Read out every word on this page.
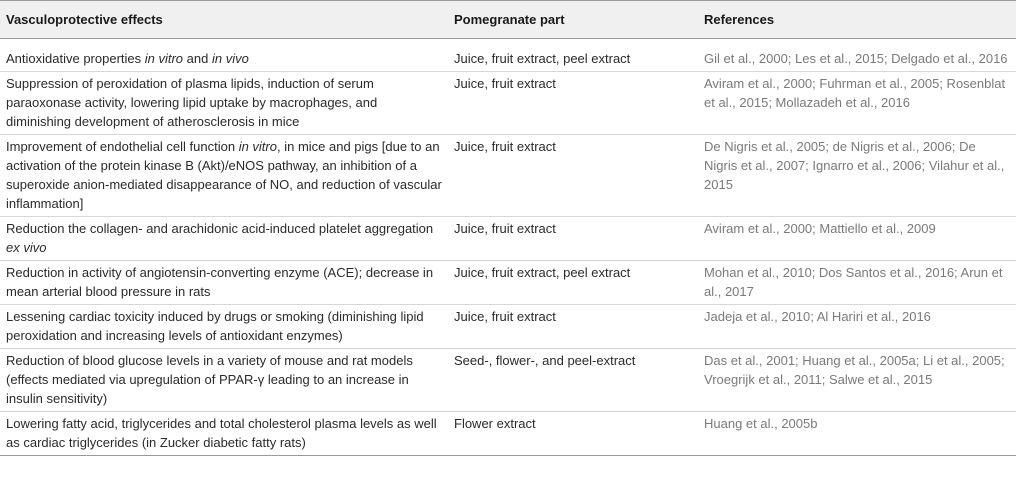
Vasculoprotective effects	Pomegranate part	References
Antioxidative properties in vitro and in vivo	Juice, fruit extract, peel extract	Gil et al., 2000; Les et al., 2015; Delgado et al., 2016
Suppression of peroxidation of plasma lipids, induction of serum paraoxonase activity, lowering lipid uptake by macrophages, and diminishing development of atherosclerosis in mice	Juice, fruit extract	Aviram et al., 2000; Fuhrman et al., 2005; Rosenblat et al., 2015; Mollazadeh et al., 2016
Improvement of endothelial cell function in vitro, in mice and pigs [due to an activation of the protein kinase B (Akt)/eNOS pathway, an inhibition of a superoxide anion-mediated disappearance of NO, and reduction of vascular inflammation]	Juice, fruit extract	De Nigris et al., 2005; de Nigris et al., 2006; De Nigris et al., 2007; Ignarro et al., 2006; Vilahur et al., 2015
Reduction the collagen- and arachidonic acid-induced platelet aggregation ex vivo	Juice, fruit extract	Aviram et al., 2000; Mattiello et al., 2009
Reduction in activity of angiotensin-converting enzyme (ACE); decrease in mean arterial blood pressure in rats	Juice, fruit extract, peel extract	Mohan et al., 2010; Dos Santos et al., 2016; Arun et al., 2017
Lessening cardiac toxicity induced by drugs or smoking (diminishing lipid peroxidation and increasing levels of antioxidant enzymes)	Juice, fruit extract	Jadeja et al., 2010; Al Hariri et al., 2016
Reduction of blood glucose levels in a variety of mouse and rat models (effects mediated via upregulation of PPAR-γ leading to an increase in insulin sensitivity)	Seed-, flower-, and peel-extract	Das et al., 2001; Huang et al., 2005a; Li et al., 2005; Vroegrijk et al., 2011; Salwe et al., 2015
Lowering fatty acid, triglycerides and total cholesterol plasma levels as well as cardiac triglycerides (in Zucker diabetic fatty rats)	Flower extract	Huang et al., 2005b
